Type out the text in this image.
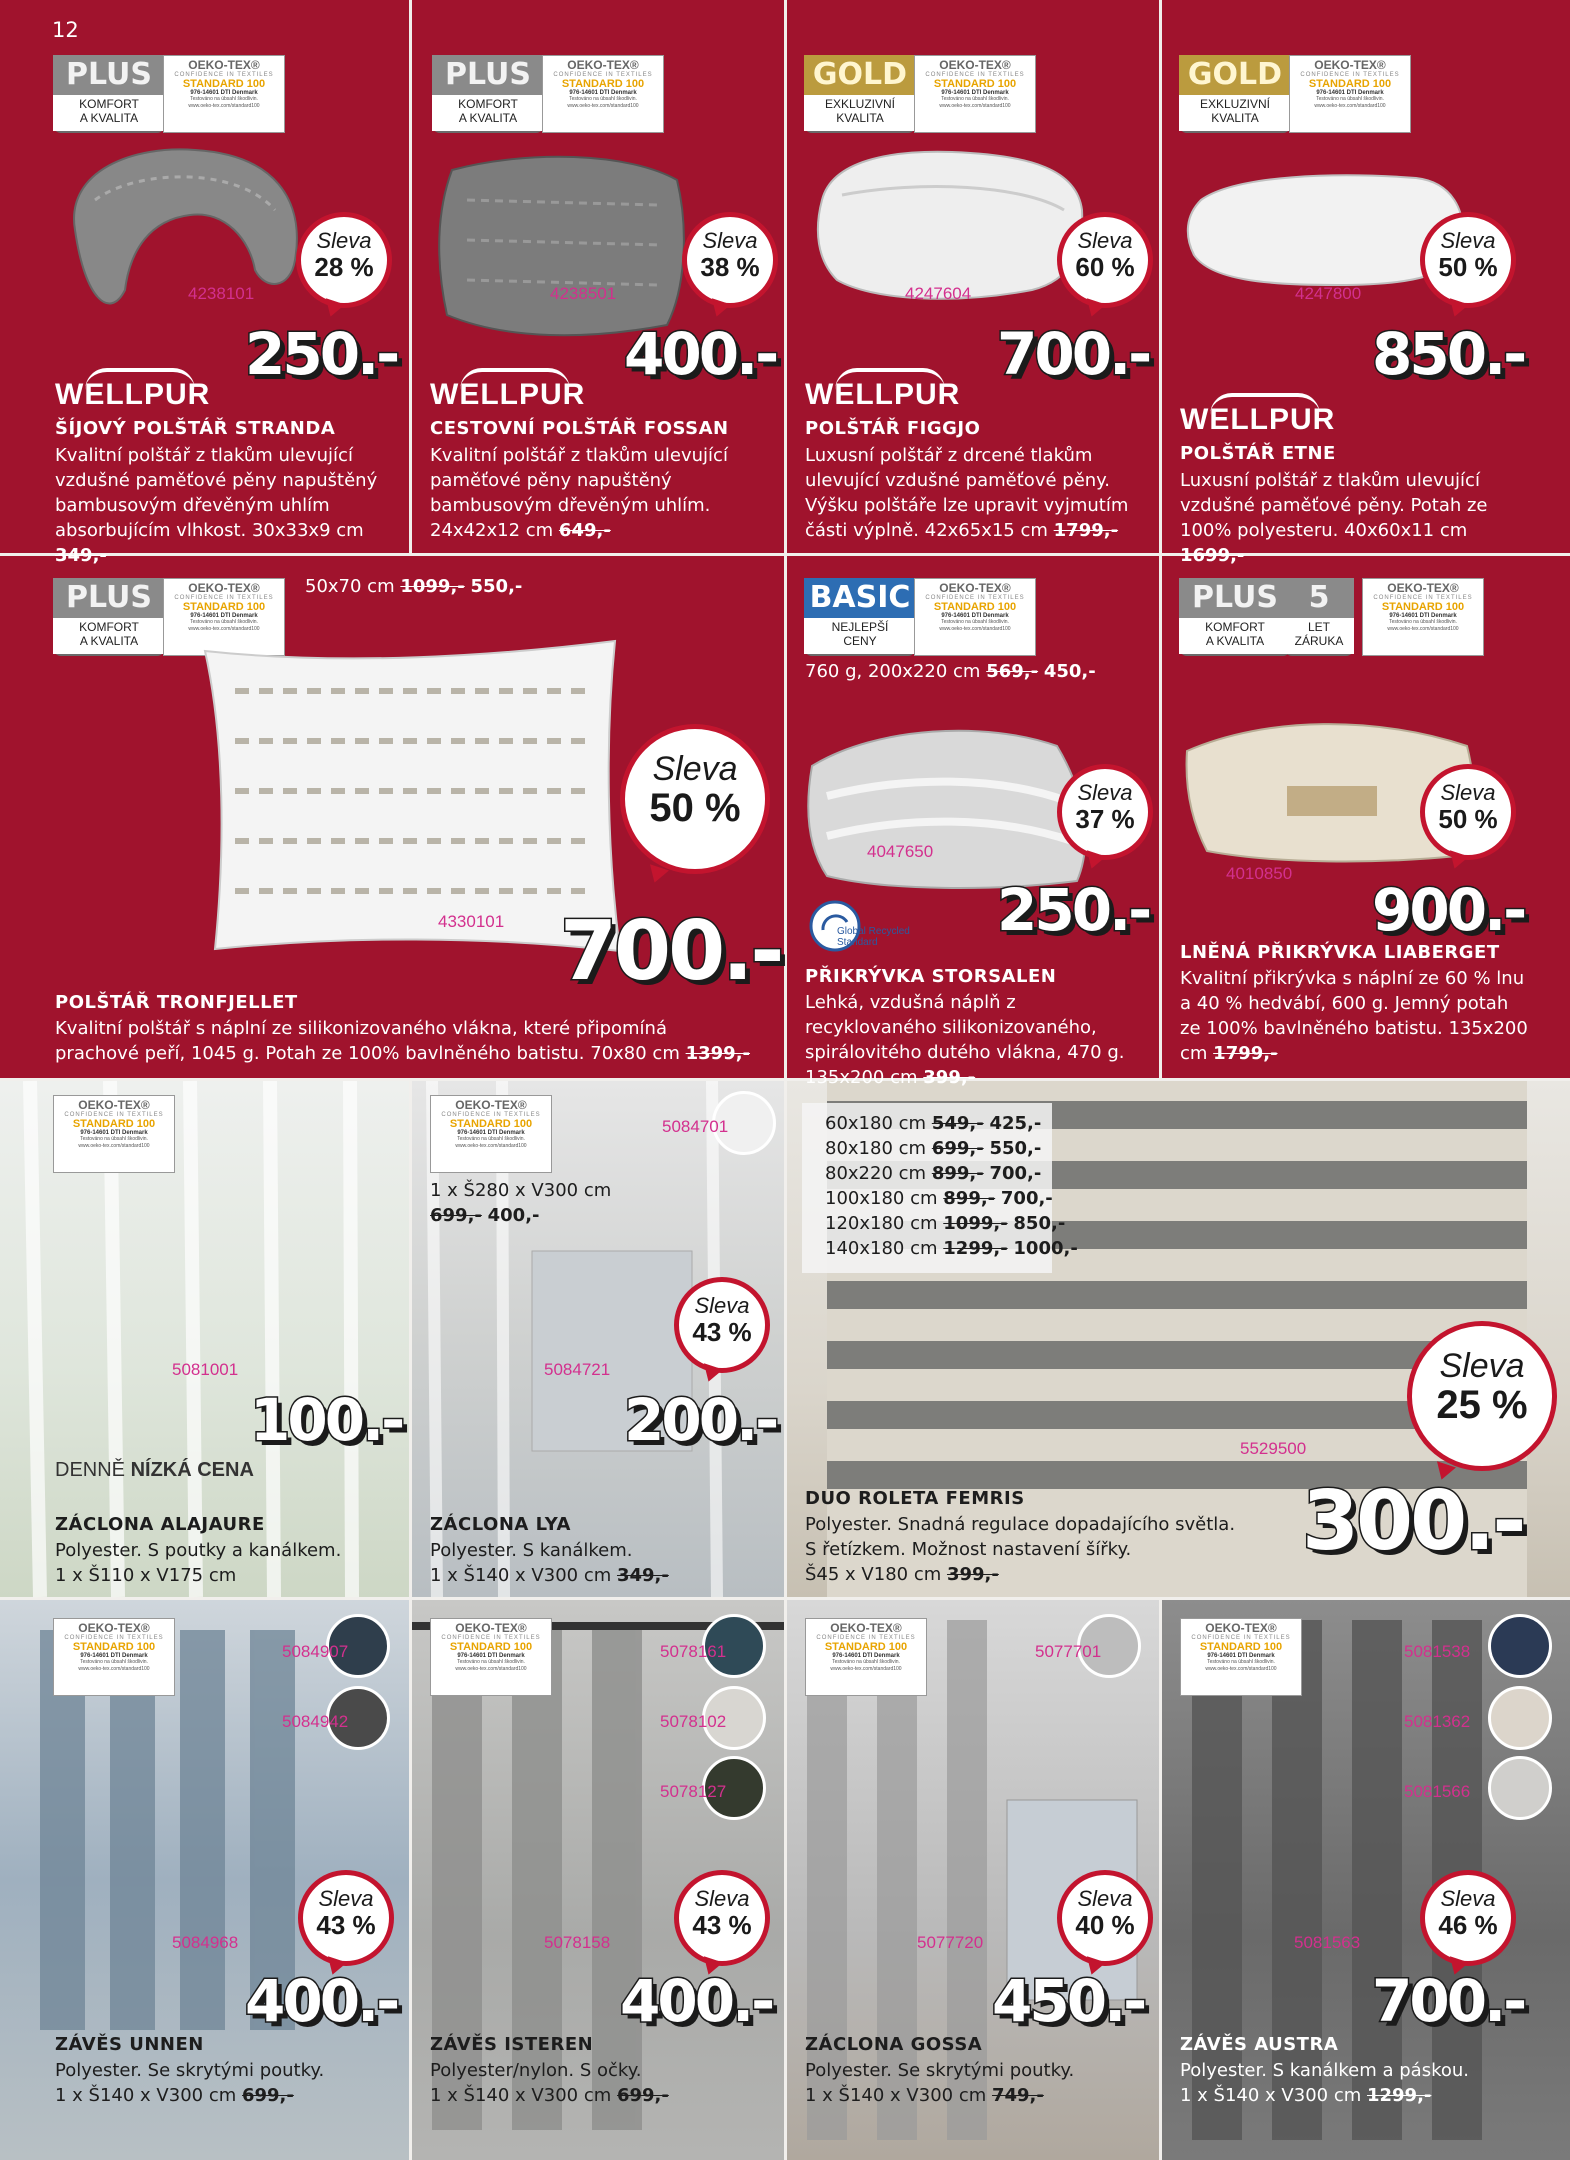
12
PLUS
KOMFORT
A KVALITA
OEKO-TEX®
CONFIDENCE IN TEXTILES
STANDARD 100
976-14601 DTI Denmark
Testováno na úbsahl škodlivin.
www.oeko-tex.com/standard100
4238101
Sleva
28 %
250.-
WELLPUR
ŠÍJOVÝ POLŠTÁŘ STRANDA
Kvalitní polštář z tlakům ulevující vzdušné paměťové pěny napuštěný bambusovým dřevěným uhlím absorbujícím vlhkost. 30x33x9 cm 349,-
PLUS
KOMFORT
A KVALITA
OEKO-TEX®
CONFIDENCE IN TEXTILES
STANDARD 100
976-14601 DTI Denmark
Testováno na úbsahl škodlivin.
www.oeko-tex.com/standard100
4238501
Sleva
38 %
400.-
WELLPUR
CESTOVNÍ POLŠTÁŘ FOSSAN
Kvalitní polštář z tlakům ulevující paměťové pěny napuštěný bambusovým dřevěným uhlím. 24x42x12 cm 649,-
GOLD
EXKLUZIVNÍ
KVALITA
OEKO-TEX®
CONFIDENCE IN TEXTILES
STANDARD 100
976-14601 DTI Denmark
Testováno na úbsahl škodlivin.
www.oeko-tex.com/standard100
4247604
Sleva
60 %
700.-
WELLPUR
POLŠTÁŘ FIGGJO
Luxusní polštář z drcené tlakům ulevující vzdušné paměťové pěny. Výšku polštáře lze upravit vyjmutím části výplně. 42x65x15 cm 1799,-
GOLD
EXKLUZIVNÍ
KVALITA
OEKO-TEX®
CONFIDENCE IN TEXTILES
STANDARD 100
976-14601 DTI Denmark
Testováno na úbsahl škodlivin.
www.oeko-tex.com/standard100
4247800
Sleva
50 %
850.-
WELLPUR
POLŠTÁŘ ETNE
Luxusní polštář z tlakům ulevující vzdušné paměťové pěny. Potah ze 100% polyesteru. 40x60x11 cm 1699,-
PLUS
KOMFORT
A KVALITA
OEKO-TEX®
CONFIDENCE IN TEXTILES
STANDARD 100
976-14601 DTI Denmark
Testováno na úbsahl škodlivin.
www.oeko-tex.com/standard100
50x70 cm 1099,- 550,-
4330101
Sleva
50 %
700.-
POLŠTÁŘ TRONFJELLET
Kvalitní polštář s náplní ze silikonizovaného vlákna, které připomíná prachové peří, 1045 g. Potah ze 100% bavlněného batistu. 70x80 cm 1399,-
BASIC
NEJLEPŠÍ
CENY
OEKO-TEX®
CONFIDENCE IN TEXTILES
STANDARD 100
976-14601 DTI Denmark
Testováno na úbsahl škodlivin.
www.oeko-tex.com/standard100
760 g, 200x220 cm 569,- 450,-
4047650
Sleva
37 %
Global Recycled Standard	250.-
PŘIKRÝVKA STORSALEN
Lehká, vzdušná náplň z recyklovaného silikonizovaného, spirálovitého dutého vlákna, 470 g. 135x200 cm 399,-
PLUS
KOMFORT
A KVALITA
5
LET
ZÁRUKA
OEKO-TEX®
CONFIDENCE IN TEXTILES
STANDARD 100
976-14601 DTI Denmark
Testováno na úbsahl škodlivin.
www.oeko-tex.com/standard100
4010850
Sleva
50 %
900.-
LNĚNÁ PŘIKRÝVKA LIABERGET
Kvalitní přikrývka s náplní ze 60 % lnu a 40 % hedvábí, 600 g. Jemný potah ze 100% bavlněného batistu. 135x200 cm 1799,-
OEKO-TEX®
CONFIDENCE IN TEXTILES
STANDARD 100
976-14601 DTI Denmark
Testováno na úbsahl škodlivin.
www.oeko-tex.com/standard100
5081001
100.-
DENNĚ NÍZKÁ CENA
ZÁCLONA ALAJAURE
Polyester. S poutky a kanálkem.
1 x Š110 x V175 cm
OEKO-TEX®
CONFIDENCE IN TEXTILES
STANDARD 100
976-14601 DTI Denmark
Testováno na úbsahl škodlivin.
www.oeko-tex.com/standard100
5084701
1 x Š280 x V300 cm
699,- 400,-
Sleva
43 %
5084721
200.-
ZÁCLONA LYA
Polyester. S kanálkem.
1 x Š140 x V300 cm 349,-
60x180 cm 549,- 425,-
80x180 cm 699,- 550,-
80x220 cm 899,- 700,-
100x180 cm 899,- 700,-
120x180 cm 1099,- 850,-
140x180 cm 1299,- 1000,-
Sleva
25 %
5529500
300.-
DUO ROLETA FEMRIS
Polyester. Snadná regulace dopadajícího světla.
S řetízkem. Možnost nastavení šířky.
Š45 x V180 cm 399,-
OEKO-TEX®
CONFIDENCE IN TEXTILES
STANDARD 100
976-14601 DTI Denmark
Testováno na úbsahl škodlivin.
www.oeko-tex.com/standard100
5084907
5084942
Sleva
43 %
5084968
400.-
ZÁVĚS UNNEN
Polyester. Se skrytými poutky.
1 x Š140 x V300 cm 699,-
OEKO-TEX®
CONFIDENCE IN TEXTILES
STANDARD 100
976-14601 DTI Denmark
Testováno na úbsahl škodlivin.
www.oeko-tex.com/standard100
5078161
5078102
5078127
Sleva
43 %
5078158
400.-
ZÁVĚS ISTEREN
Polyester/nylon. S očky.
1 x Š140 x V300 cm 699,-
OEKO-TEX®
CONFIDENCE IN TEXTILES
STANDARD 100
976-14601 DTI Denmark
Testováno na úbsahl škodlivin.
www.oeko-tex.com/standard100
5077701
Sleva
40 %
5077720
450.-
ZÁCLONA GOSSA
Polyester. Se skrytými poutky.
1 x Š140 x V300 cm 749,-
OEKO-TEX®
CONFIDENCE IN TEXTILES
STANDARD 100
976-14601 DTI Denmark
Testováno na úbsahl škodlivin.
www.oeko-tex.com/standard100
5081538
5081362
5081566
Sleva
46 %
5081563
700.-
ZÁVĚS AUSTRA
Polyester. S kanálkem a páskou.
1 x Š140 x V300 cm 1299,-
